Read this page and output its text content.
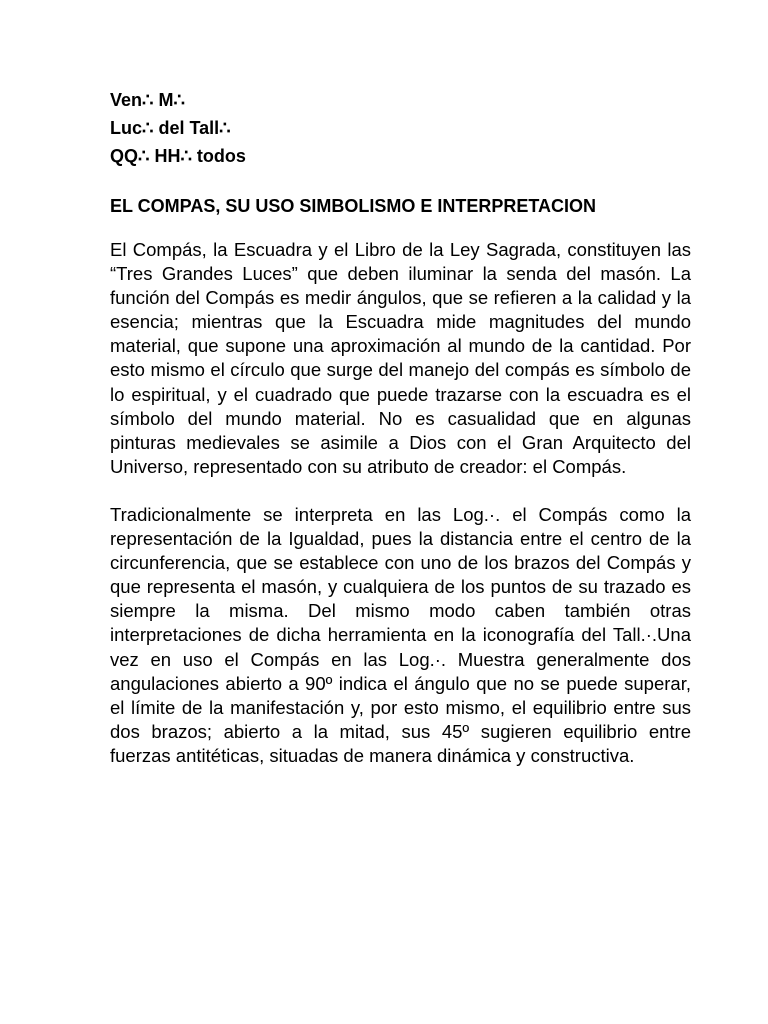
Ven∴ M∴
Luc∴ del Tall∴
QQ∴ HH∴ todos
EL COMPAS, SU USO SIMBOLISMO E INTERPRETACION

El Compás, la Escuadra y el Libro de la Ley Sagrada, constituyen las “Tres Grandes Luces” que deben iluminar la senda del masón. La función del Compás es medir ángulos, que se refieren a la calidad y la esencia; mientras que la Escuadra mide magnitudes del mundo material, que supone una aproximación al mundo de la cantidad. Por esto mismo el círculo que surge del manejo del compás es símbolo de lo espiritual, y el cuadrado que puede trazarse con la escuadra es el símbolo del mundo material. No es casualidad que en algunas pinturas medievales se asimile a Dios con el Gran Arquitecto del Universo, representado con su atributo de creador: el Compás.

Tradicionalmente se interpreta en las Log.·. el Compás como la representación de la Igualdad, pues la distancia entre el centro de la circunferencia, que se establece con uno de los brazos del Compás y que representa el masón, y cualquiera de los puntos de su trazado es siempre la misma. Del mismo modo caben también otras interpretaciones de dicha herramienta en la iconografía del Tall.·.Una vez en uso el Compás en las Log.·. Muestra generalmente dos angulaciones abierto a 90º indica el ángulo que no se puede superar, el límite de la manifestación y, por esto mismo, el equilibrio entre sus dos brazos; abierto a la mitad, sus 45º sugieren equilibrio entre fuerzas antitéticas, situadas de manera dinámica y constructiva.
